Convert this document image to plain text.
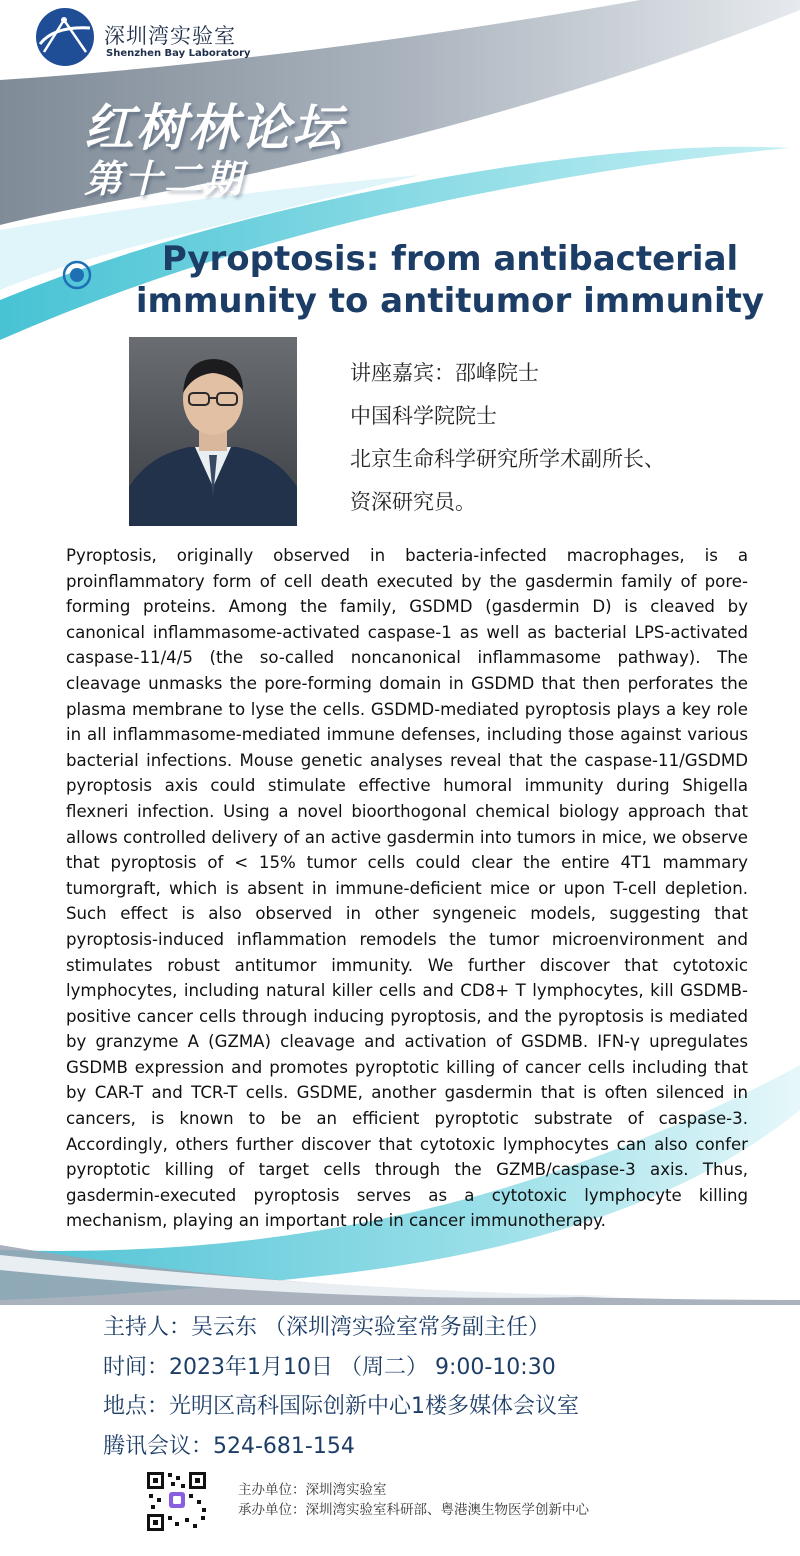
深圳湾实验室
Shenzhen Bay Laboratory
红树林论坛
第十二期
Pyroptosis: from antibacterial immunity to antitumor immunity
讲座嘉宾：邵峰院士
中国科学院院士
北京生命科学研究所学术副所长、
资深研究员。
Pyroptosis, originally observed in bacteria-infected macrophages, is a proinflammatory form of cell death executed by the gasdermin family of pore-forming proteins. Among the family, GSDMD (gasdermin D) is cleaved by canonical inflammasome-activated caspase-1 as well as bacterial LPS-activated caspase-11/4/5 (the so-called noncanonical inflammasome pathway). The cleavage unmasks the pore-forming domain in GSDMD that then perforates the plasma membrane to lyse the cells. GSDMD-mediated pyroptosis plays a key role in all inflammasome-mediated immune defenses, including those against various bacterial infections. Mouse genetic analyses reveal that the caspase-11/GSDMD pyroptosis axis could stimulate effective humoral immunity during Shigella flexneri infection. Using a novel bioorthogonal chemical biology approach that allows controlled delivery of an active gasdermin into tumors in mice, we observe that pyroptosis of < 15% tumor cells could clear the entire 4T1 mammary tumorgraft, which is absent in immune-deficient mice or upon T-cell depletion. Such effect is also observed in other syngeneic models, suggesting that pyroptosis-induced inflammation remodels the tumor microenvironment and stimulates robust antitumor immunity. We further discover that cytotoxic lymphocytes, including natural killer cells and CD8+ T lymphocytes, kill GSDMB-positive cancer cells through inducing pyroptosis, and the pyroptosis is mediated by granzyme A (GZMA) cleavage and activation of GSDMB. IFN-γ upregulates GSDMB expression and promotes pyroptotic killing of cancer cells including that by CAR-T and TCR-T cells. GSDME, another gasdermin that is often silenced in cancers, is known to be an efficient pyroptotic substrate of caspase-3. Accordingly, others further discover that cytotoxic lymphocytes can also confer pyroptotic killing of target cells through the GZMB/caspase-3 axis. Thus, gasdermin-executed pyroptosis serves as a cytotoxic lymphocyte killing mechanism, playing an important role in cancer immunotherapy.
主持人：吴云东 （深圳湾实验室常务副主任）
时间：2023年1月10日 （周二） 9:00-10:30
地点：光明区高科国际创新中心1楼多媒体会议室
腾讯会议：524-681-154
主办单位：深圳湾实验室
承办单位：深圳湾实验室科研部、粤港澳生物医学创新中心
